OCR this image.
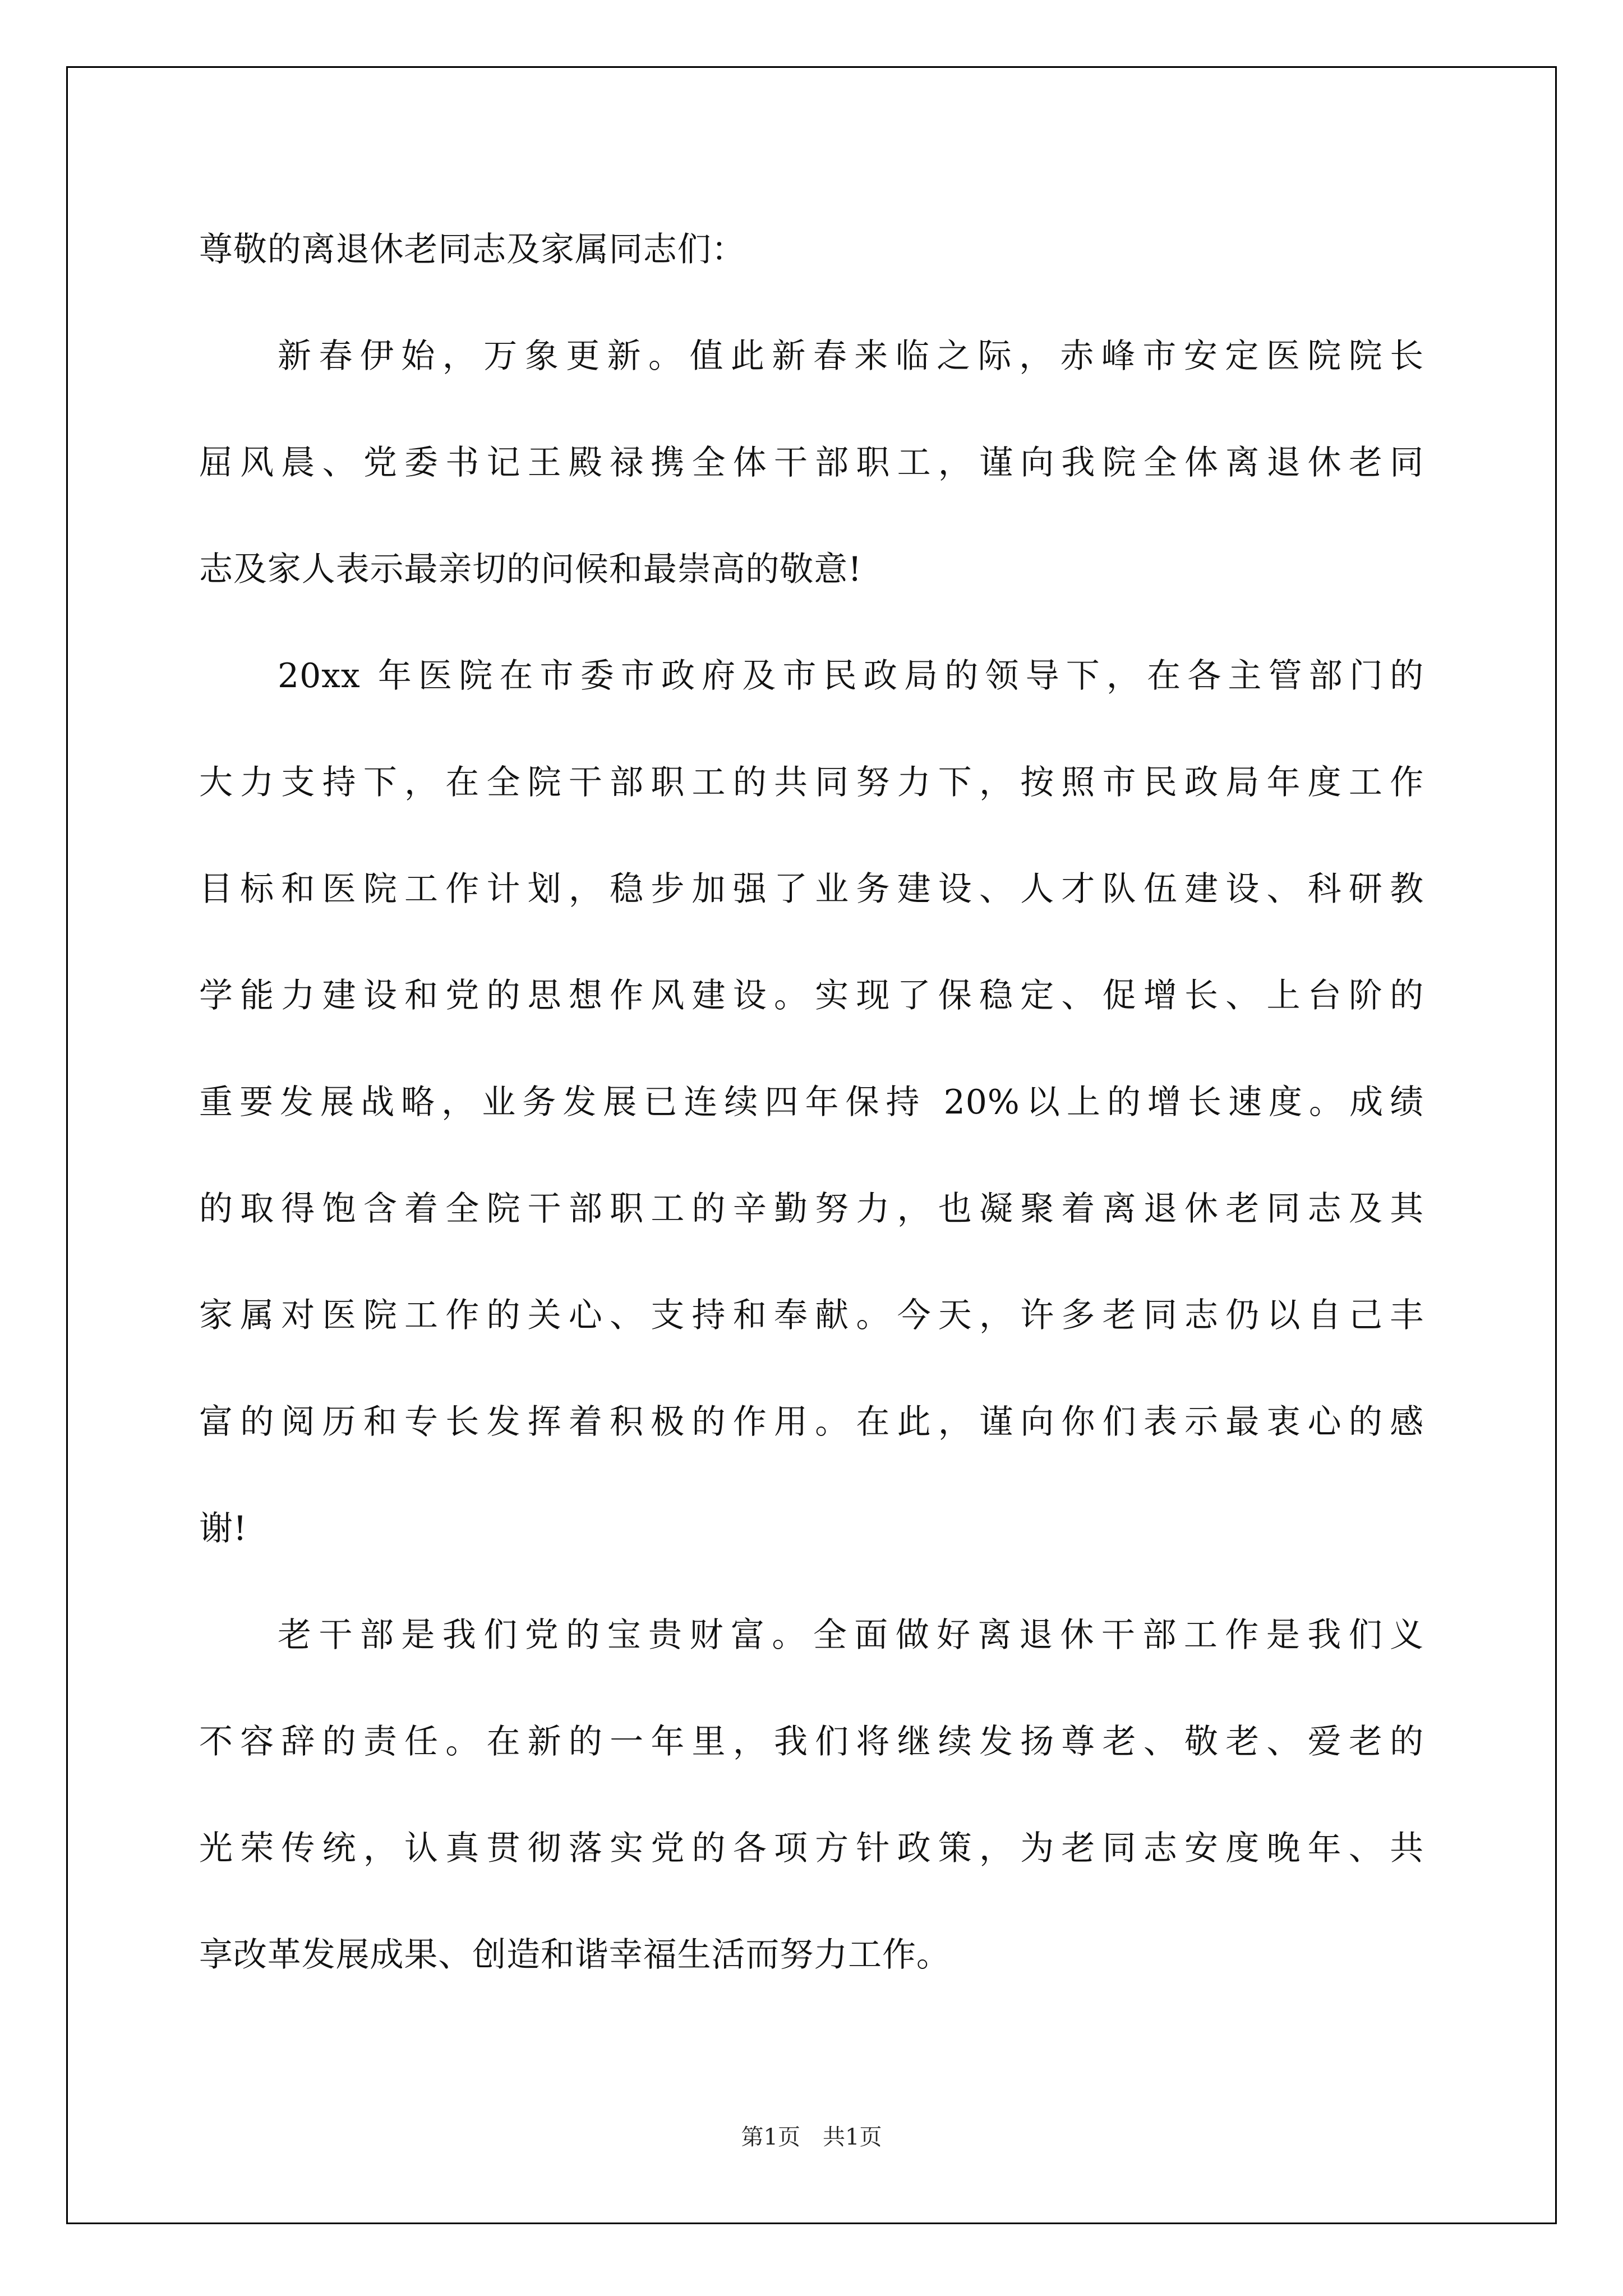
尊敬的离退休老同志及家属同志们：
新春伊始，万象更新。值此新春来临之际，赤峰市安定医院院长
屈风晨、党委书记王殿禄携全体干部职工，谨向我院全体离退休老同
志及家人表示最亲切的问候和最崇高的敬意!
20xx 年医院在市委市政府及市民政局的领导下，在各主管部门的
大力支持下，在全院干部职工的共同努力下，按照市民政局年度工作
目标和医院工作计划，稳步加强了业务建设、人才队伍建设、科研教
学能力建设和党的思想作风建设。实现了保稳定、促增长、上台阶的
重要发展战略，业务发展已连续四年保持 20%以上的增长速度。成绩
的取得饱含着全院干部职工的辛勤努力，也凝聚着离退休老同志及其
家属对医院工作的关心、支持和奉献。今天，许多老同志仍以自己丰
富的阅历和专长发挥着积极的作用。在此，谨向你们表示最衷心的感
谢!
老干部是我们党的宝贵财富。全面做好离退休干部工作是我们义
不容辞的责任。在新的一年里，我们将继续发扬尊老、敬老、爱老的
光荣传统，认真贯彻落实党的各项方针政策，为老同志安度晚年、共
享改革发展成果、创造和谐幸福生活而努力工作。
第1页　共1页
